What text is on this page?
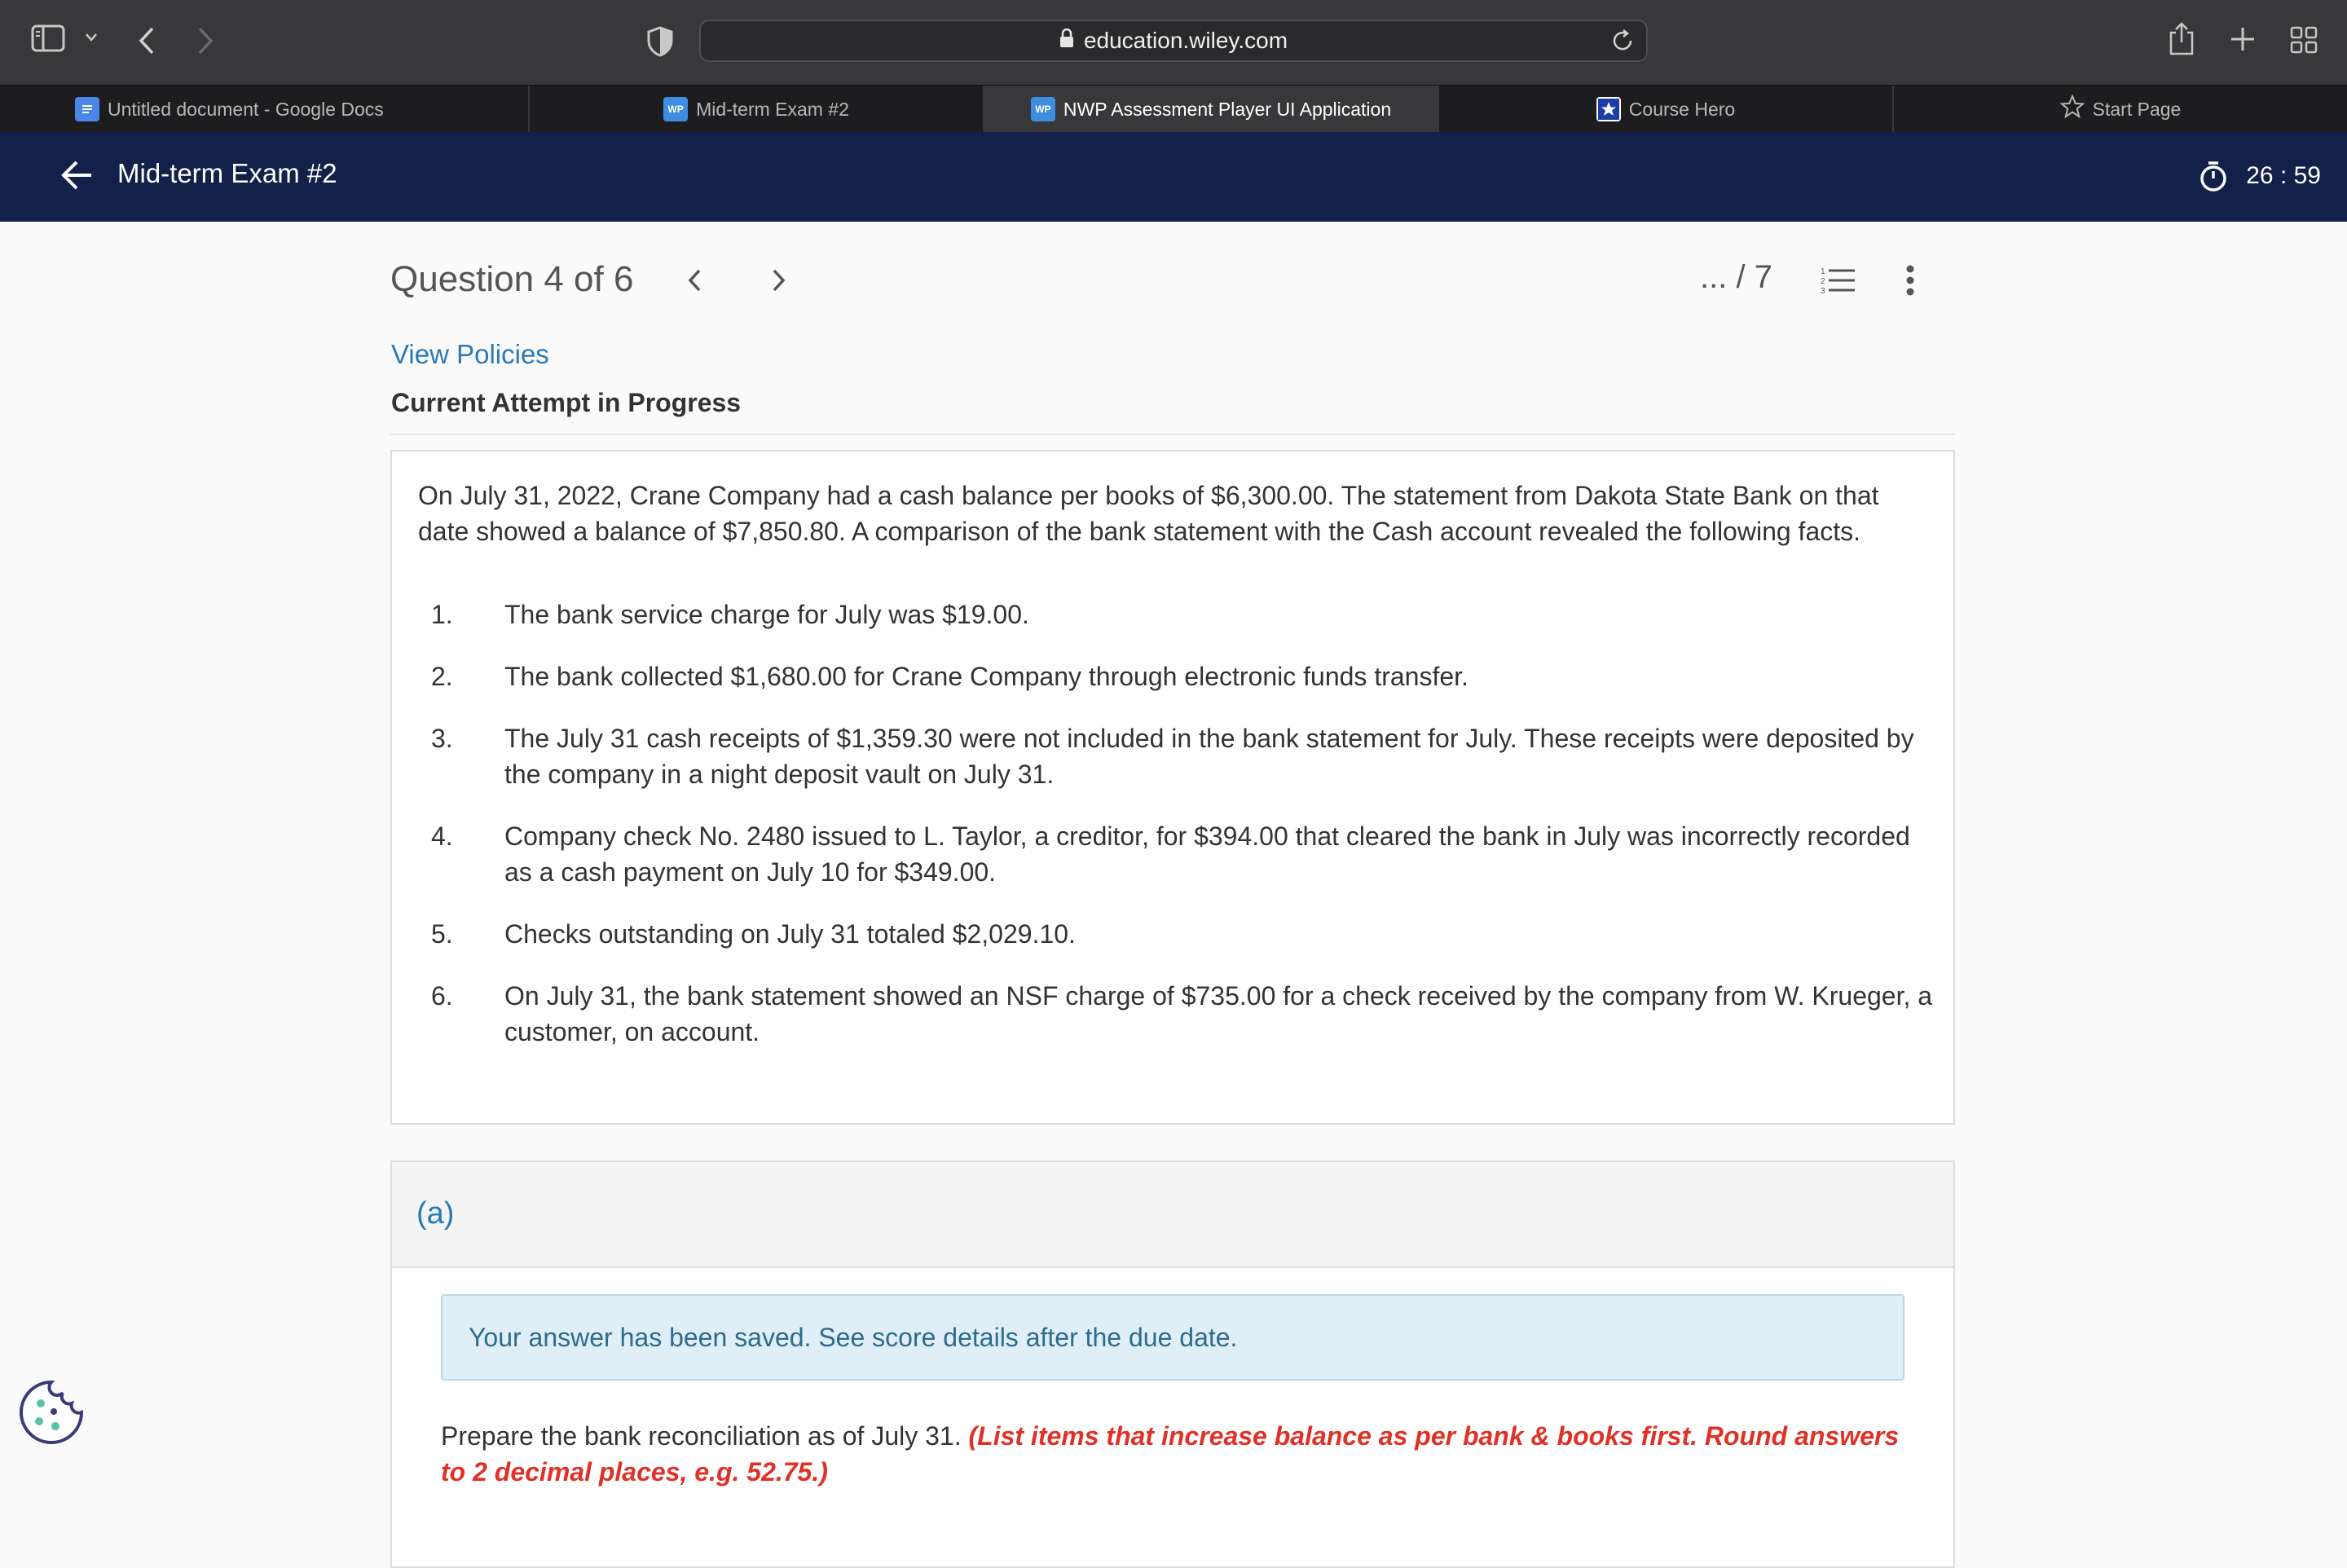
education.wiley.com
Untitled document - Google Docs	WP Mid-term Exam #2	WP NWP Assessment Player UI Application	Course Hero	Start Page
Mid-term Exam #2	26 : 59
Question 4 of 6	... / 7	1
2
3
View Policies
Current Attempt in Progress
On July 31, 2022, Crane Company had a cash balance per books of $6,300.00. The statement from Dakota State Bank on that date showed a balance of $7,850.80. A comparison of the bank statement with the Cash account revealed the following facts.
1.	The bank service charge for July was $19.00.
2.	The bank collected $1,680.00 for Crane Company through electronic funds transfer.
3.	The July 31 cash receipts of $1,359.30 were not included in the bank statement for July. These receipts were deposited by the company in a night deposit vault on July 31.
4.	Company check No. 2480 issued to L. Taylor, a creditor, for $394.00 that cleared the bank in July was incorrectly recorded as a cash payment on July 10 for $349.00.
5.	Checks outstanding on July 31 totaled $2,029.10.
6.	On July 31, the bank statement showed an NSF charge of $735.00 for a check received by the company from W. Krueger, a customer, on account.
(a)
Your answer has been saved. See score details after the due date.
Prepare the bank reconciliation as of July 31. (List items that increase balance as per bank & books first. Round answers to 2 decimal places, e.g. 52.75.)
